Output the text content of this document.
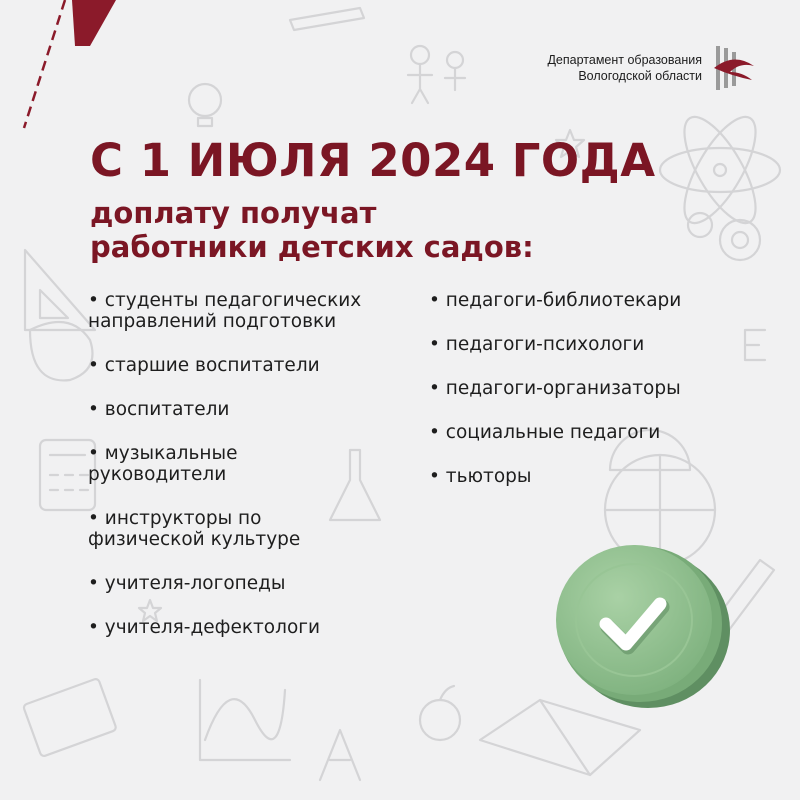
Департамент образования
Вологодской области
С 1 ИЮЛЯ 2024 ГОДА
доплату получат
работники детских садов:
• студенты педагогических
направлений подготовки
• старшие воспитатели
• воспитатели
• музыкальные
руководители
• инструкторы по
физической культуре
• учителя-логопеды
• учителя-дефектологи
• педагоги-библиотекари
• педагоги-психологи
• педагоги-организаторы
• социальные педагоги
• тьюторы
